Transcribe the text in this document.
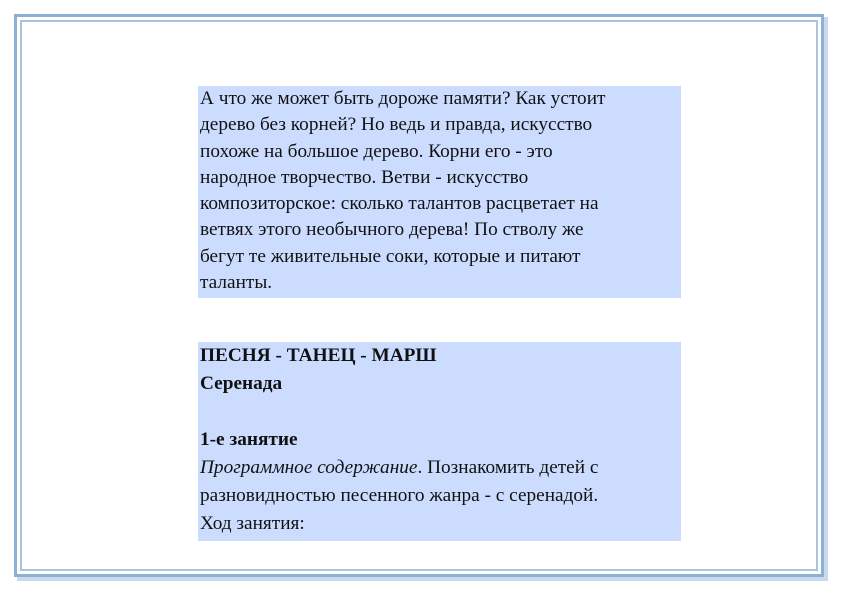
А что же может быть дороже памяти? Как устоит
дерево без корней? Но ведь и правда, искусство
похоже на большое дерево. Корни его - это
народное творчество. Ветви - искусство
композиторское: сколько талантов расцветает на
ветвях этого необычного дерева! По стволу же
бегут те живительные соки, которые и питают
таланты.
ПЕСНЯ - ТАНЕЦ - МАРШ
Серенада
1-е занятие
Программное содержание. Познакомить детей с
разновидностью песенного жанра - с серенадой.
Ход занятия:
